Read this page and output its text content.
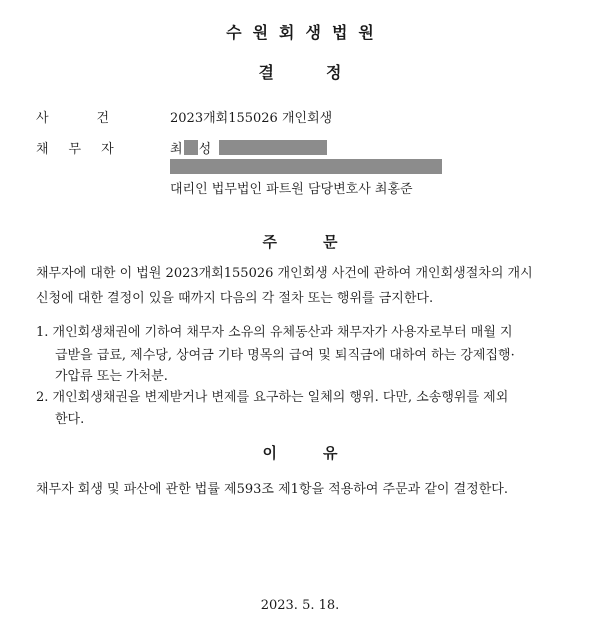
수원회생법원
결정
사건 2023개회155026 개인회생
채무자	최 성
대리인 법무법인 파트원 담당변호사 최홍준
주문
채무자에 대한 이 법원 2023개회155026 개인회생 사건에 관하여 개인회생절차의 개시
신청에 대한 결정이 있을 때까지 다음의 각 절차 또는 행위를 금지한다.
1. 개인회생채권에 기하여 채무자 소유의 유체동산과 채무자가 사용자로부터 매월 지
급받을 급료, 제수당, 상여금 기타 명목의 급여 및 퇴직금에 대하여 하는 강제집행·
가압류 또는 가처분.
2. 개인회생채권을 변제받거나 변제를 요구하는 일체의 행위. 다만, 소송행위를 제외
한다.
이유
채무자 회생 및 파산에 관한 법률 제593조 제1항을 적용하여 주문과 같이 결정한다.
2023. 5. 18.
